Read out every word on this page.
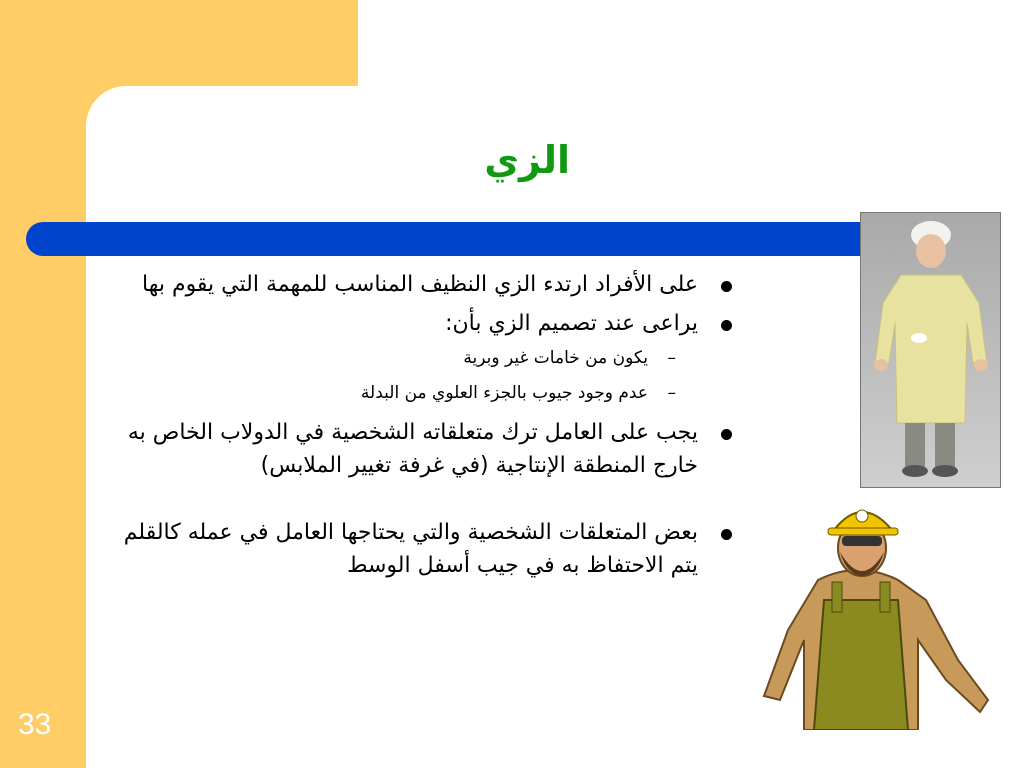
الزي
على الأفراد ارتدء الزي النظيف المناسب للمهمة التي يقوم بها
يراعى عند تصميم الزي بأن:
–
يكون من خامات غير وبرية
–
عدم وجود جيوب بالجزء العلوي من البدلة
يجب على العامل ترك متعلقاته الشخصية في الدولاب الخاص به خارج المنطقة الإنتاجية (في غرفة تغيير الملابس)
بعض المتعلقات الشخصية والتي يحتاجها العامل في عمله كالقلم يتم الاحتفاظ به في جيب أسفل الوسط
33
